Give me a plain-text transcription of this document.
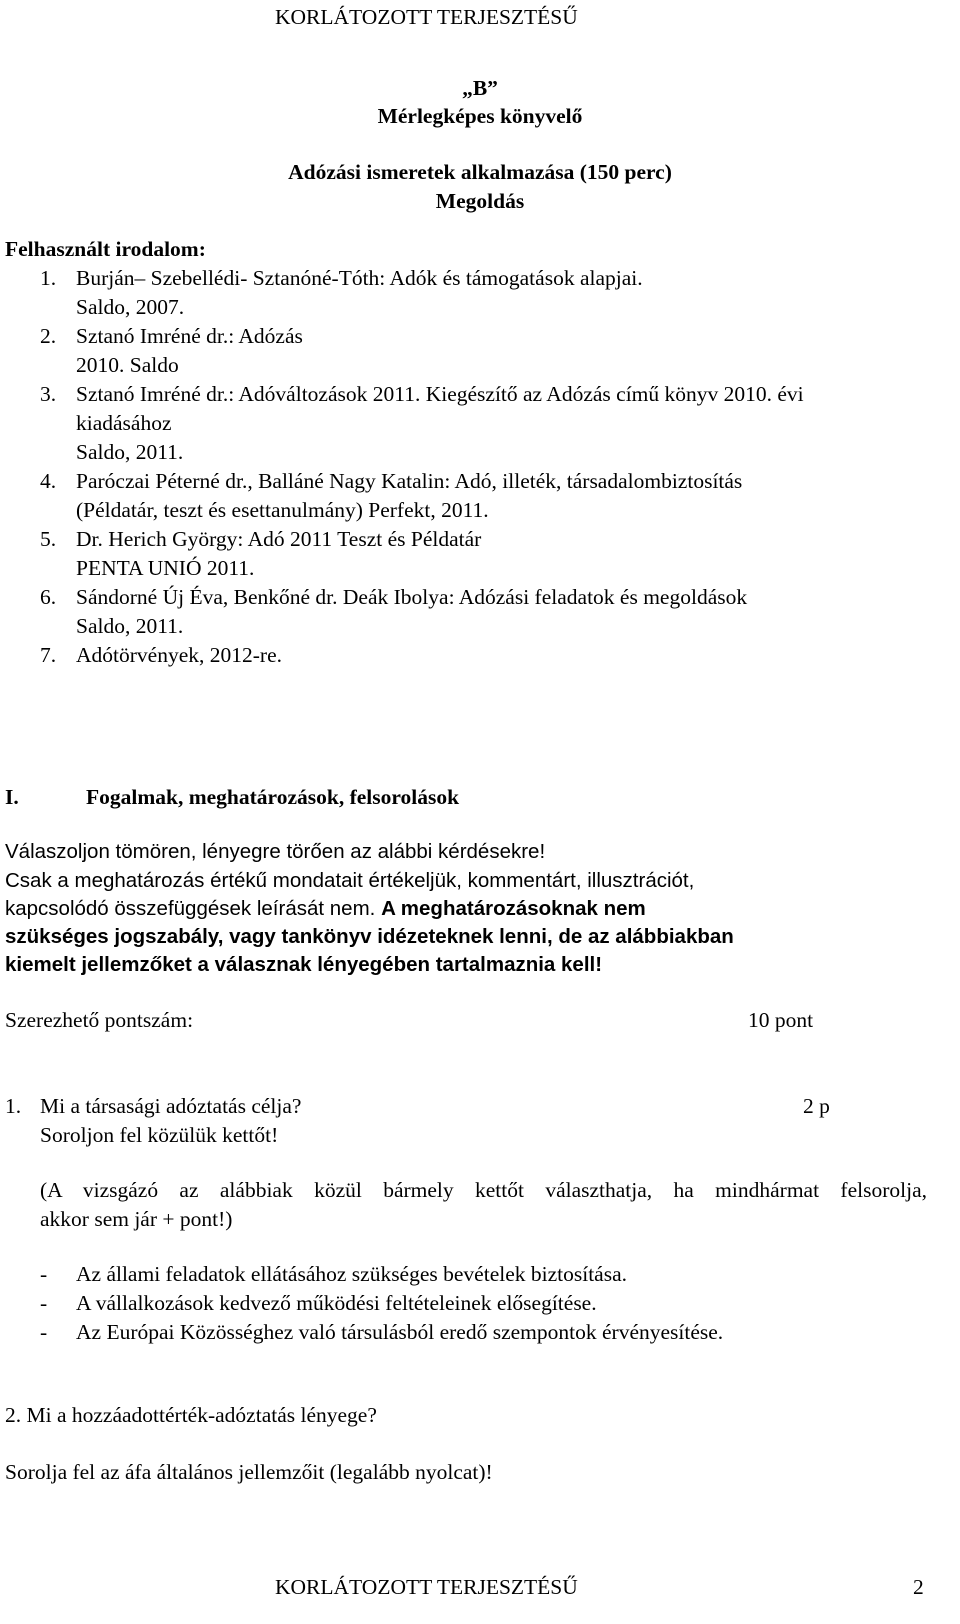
KORLÁTOZOTT TERJESZTÉSŰ
„B”
Mérlegképes könyvelő
Adózási ismeretek alkalmazása (150 perc)
Megoldás
Felhasznált irodalom:
1. Burján– Szebellédi- Sztanóné-Tóth: Adók és támogatások alapjai.
Saldo, 2007.
2. Sztanó Imréné dr.: Adózás
2010. Saldo
3. Sztanó Imréné dr.: Adóváltozások 2011. Kiegészítő az Adózás című könyv 2010. évi
kiadásához
Saldo, 2011.
4. Paróczai Péterné dr., Balláné Nagy Katalin: Adó, illeték, társadalombiztosítás
(Példatár, teszt és esettanulmány) Perfekt, 2011.
5. Dr. Herich György: Adó 2011 Teszt és Példatár
PENTA UNIÓ 2011.
6. Sándorné Új Éva, Benkőné dr. Deák Ibolya: Adózási feladatok és megoldások
Saldo, 2011.
7. Adótörvények, 2012-re.
I.	Fogalmak, meghatározások, felsorolások
Válaszoljon tömören, lényegre törően az alábbi kérdésekre!
Csak a meghatározás értékű mondatait értékeljük, kommentárt, illusztrációt,
kapcsolódó összefüggések leírását nem. A meghatározásoknak nem
szükséges jogszabály, vagy tankönyv idézeteknek lenni, de az alábbiakban
kiemelt jellemzőket a válasznak lényegében tartalmaznia kell!
Szerezhető pontszám:	10 pont
1. Mi a társasági adóztatás célja?	2 p
Soroljon fel közülük kettőt!
(A vizsgázó az alábbiak közül bármely kettőt választhatja, ha mindhármat felsorolja,
akkor sem jár + pont!)
- Az állami feladatok ellátásához szükséges bevételek biztosítása.
- A vállalkozások kedvező működési feltételeinek elősegítése.
- Az Európai Közösséghez való társulásból eredő szempontok érvényesítése.
2. Mi a hozzáadottérték-adóztatás lényege?
Sorolja fel az áfa általános jellemzőit (legalább nyolcat)!
KORLÁTOZOTT TERJESZTÉSŰ	2
